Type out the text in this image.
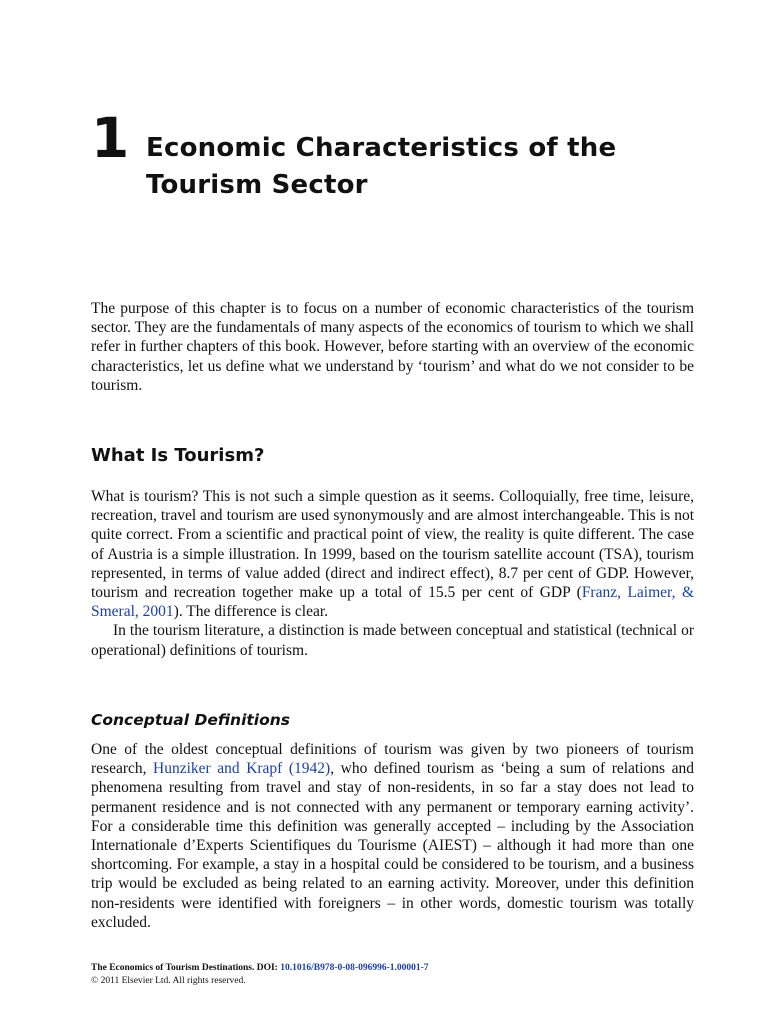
1 Economic Characteristics of the
Tourism Sector

The purpose of this chapter is to focus on a number of economic characteristics of the tourism sector. They are the fundamentals of many aspects of the economics of tourism to which we shall refer in further chapters of this book. However, before starting with an overview of the economic characteristics, let us define what we understand by ‘tourism’ and what do we not consider to be tourism.

What Is Tourism?

What is tourism? This is not such a simple question as it seems. Colloquially, free time, leisure, recreation, travel and tourism are used synonymously and are almost interchangeable. This is not quite correct. From a scientific and practical point of view, the reality is quite different. The case of Austria is a simple illustration. In 1999, based on the tourism satellite account (TSA), tourism represented, in terms of value added (direct and indirect effect), 8.7 per cent of GDP. However, tourism and recreation together make up a total of 15.5 per cent of GDP (Franz, Laimer, & Smeral, 2001). The difference is clear.
In the tourism literature, a distinction is made between conceptual and statistical (technical or operational) definitions of tourism.

Conceptual Definitions

One of the oldest conceptual definitions of tourism was given by two pioneers of tourism research, Hunziker and Krapf (1942), who defined tourism as ‘being a sum of relations and phenomena resulting from travel and stay of non-residents, in so far a stay does not lead to permanent residence and is not connected with any permanent or temporary earning activity’. For a considerable time this definition was generally accepted – including by the Association Internationale d’Experts Scientifiques du Tourisme (AIEST) – although it had more than one shortcoming. For example, a stay in a hospital could be considered to be tourism, and a business trip would be excluded as being related to an earning activity. Moreover, under this definition non-residents were identified with foreigners – in other words, domestic tourism was totally excluded.

The Economics of Tourism Destinations. DOI: 10.1016/B978-0-08-096996-1.00001-7
© 2011 Elsevier Ltd. All rights reserved.
